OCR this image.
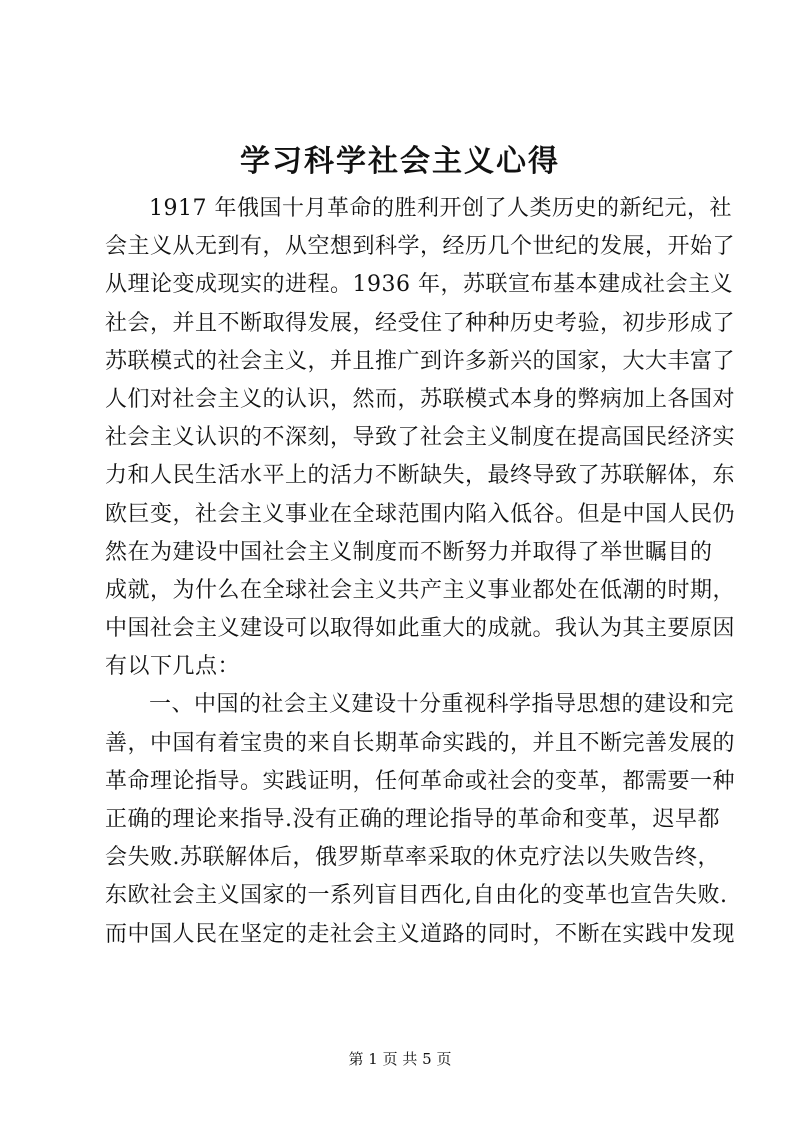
学习科学社会主义心得
1917 年俄国十月革命的胜利开创了人类历史的新纪元，社
会主义从无到有，从空想到科学，经历几个世纪的发展，开始了
从理论变成现实的进程。1936 年，苏联宣布基本建成社会主义
社会，并且不断取得发展，经受住了种种历史考验，初步形成了
苏联模式的社会主义，并且推广到许多新兴的国家，大大丰富了
人们对社会主义的认识，然而，苏联模式本身的弊病加上各国对
社会主义认识的不深刻，导致了社会主义制度在提高国民经济实
力和人民生活水平上的活力不断缺失，最终导致了苏联解体，东
欧巨变，社会主义事业在全球范围内陷入低谷。但是中国人民仍
然在为建设中国社会主义制度而不断努力并取得了举世瞩目的
成就，为什么在全球社会主义共产主义事业都处在低潮的时期，
中国社会主义建设可以取得如此重大的成就。我认为其主要原因
有以下几点：
一、中国的社会主义建设十分重视科学指导思想的建设和完
善，中国有着宝贵的来自长期革命实践的，并且不断完善发展的
革命理论指导。实践证明，任何革命或社会的变革，都需要一种
正确的理论来指导.没有正确的理论指导的革命和变革，迟早都
会失败.苏联解体后，俄罗斯草率采取的休克疗法以失败告终，
东欧社会主义国家的一系列盲目西化,自由化的变革也宣告失败.
而中国人民在坚定的走社会主义道路的同时，不断在实践中发现
第 1 页 共 5 页
